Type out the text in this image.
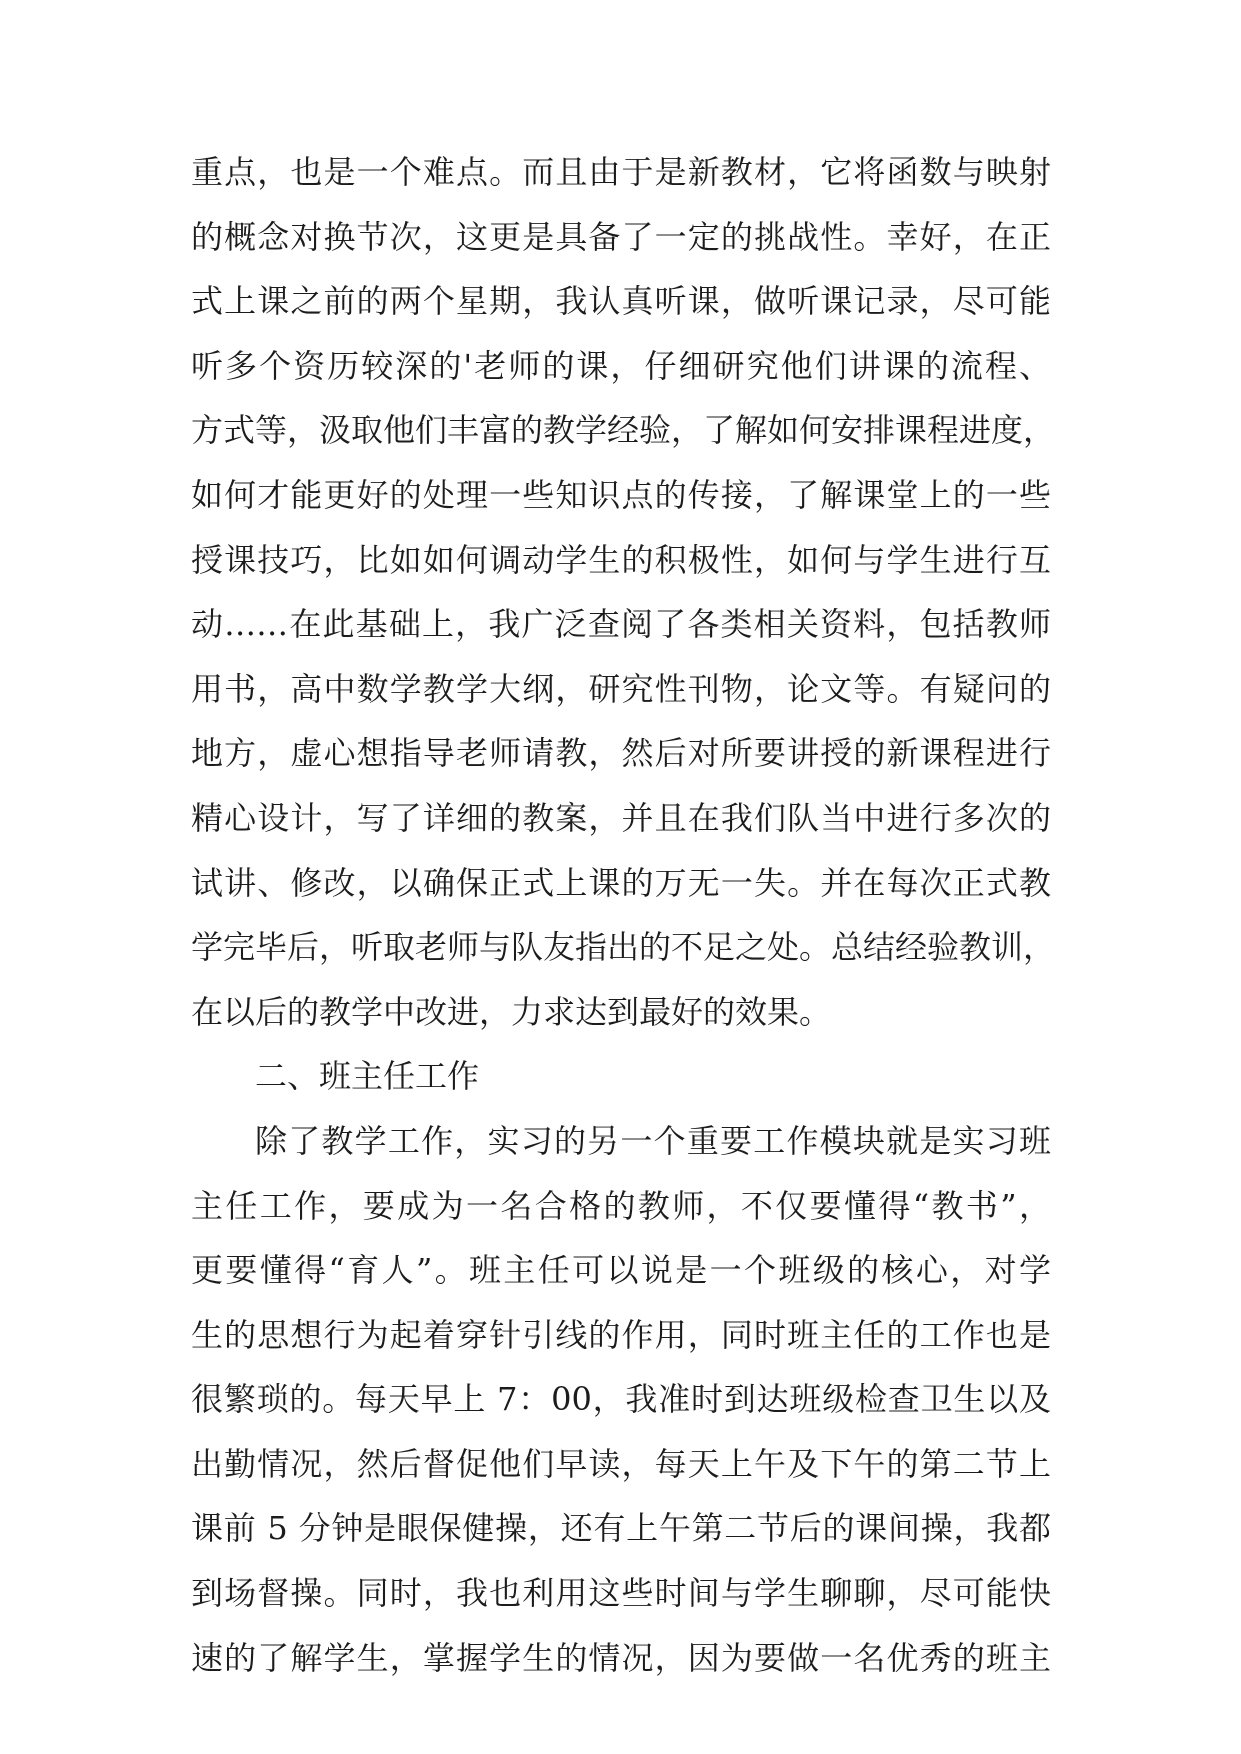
重点，也是一个难点。而且由于是新教材，它将函数与映射
的概念对换节次，这更是具备了一定的挑战性。幸好，在正
式上课之前的两个星期，我认真听课，做听课记录，尽可能
听多个资历较深的'老师的课，仔细研究他们讲课的流程、
方式等，汲取他们丰富的教学经验，了解如何安排课程进度，
如何才能更好的处理一些知识点的传接，了解课堂上的一些
授课技巧，比如如何调动学生的积极性，如何与学生进行互
动……在此基础上，我广泛查阅了各类相关资料，包括教师
用书，高中数学教学大纲，研究性刊物，论文等。有疑问的
地方，虚心想指导老师请教，然后对所要讲授的新课程进行
精心设计，写了详细的教案，并且在我们队当中进行多次的
试讲、修改，以确保正式上课的万无一失。并在每次正式教
学完毕后，听取老师与队友指出的不足之处。总结经验教训，
在以后的教学中改进，力求达到最好的效果。
二、班主任工作
除了教学工作，实习的另一个重要工作模块就是实习班
主任工作，要成为一名合格的教师，不仅要懂得“教书”，
更要懂得“育人”。班主任可以说是一个班级的核心，对学
生的思想行为起着穿针引线的作用，同时班主任的工作也是
很繁琐的。每天早上 7：00，我准时到达班级检查卫生以及
出勤情况，然后督促他们早读，每天上午及下午的第二节上
课前 5 分钟是眼保健操，还有上午第二节后的课间操，我都
到场督操。同时，我也利用这些时间与学生聊聊，尽可能快
速的了解学生，掌握学生的情况，因为要做一名优秀的班主
